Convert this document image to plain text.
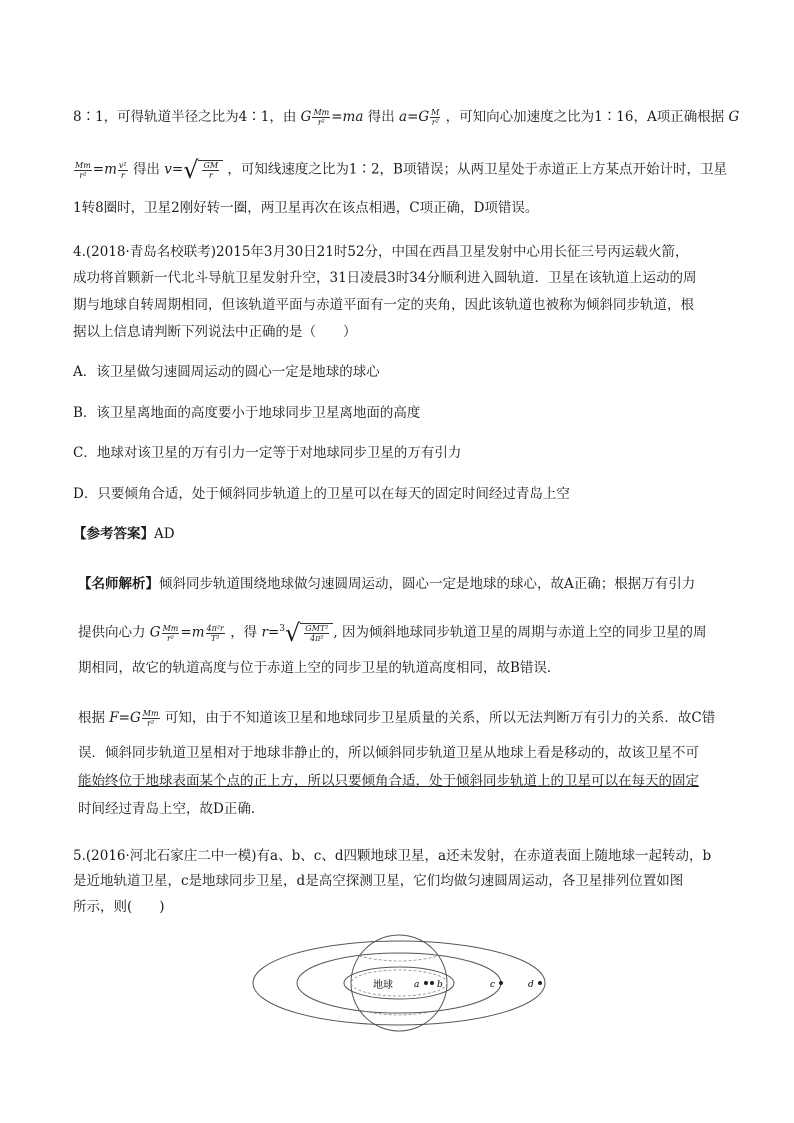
8∶1，可得轨道半径之比为4∶1，由 G $\frac{Mm}{\text{r²}} =ma$ 得出 $a=G \frac{M}{\text{r²}}$ ，可知向心加速度之比为1∶16，A项正确根据 G
$\frac{Mm}{\text{r²}} =m \frac{\text{v²}}{r}$ 得出 $v=√ \frac{GM}{r}$ ，可知线速度之比为1∶2，B项错误；从两卫星处于赤道正上方某点开始计时，卫星
1转8圈时，卫星2刚好转一圈，两卫星再次在该点相遇，C项正确，D项错误。
4.(2018·青岛名校联考)2015年3月30日21时52分，中国在西昌卫星发射中心用长征三号丙运载火箭，
成功将首颗新一代北斗导航卫星发射升空，31日凌晨3时34分顺利进入圆轨道．卫星在该轨道上运动的周
期与地球自转周期相同，但该轨道平面与赤道平面有一定的夹角，因此该轨道也被称为倾斜同步轨道，根
据以上信息请判断下列说法中正确的是（　　）
A．该卫星做匀速圆周运动的圆心一定是地球的球心
B．该卫星离地面的高度要小于地球同步卫星离地面的高度
C．地球对该卫星的万有引力一定等于对地球同步卫星的万有引力
D．只要倾角合适，处于倾斜同步轨道上的卫星可以在每天的固定时间经过青岛上空
【参考答案】AD
【名师解析】倾斜同步轨道围绕地球做匀速圆周运动，圆心一定是地球的球心，故A正确；根据万有引力
提供向心力 G $\frac{Mm}{\text{r²}} =m \frac{\text{4π²r}}{\text{T²}}$ ，得 $r=^3√ \frac{\text{GMT²}}{\text{4π²}}$ , 因为倾斜地球同步轨道卫星的周期与赤道上空的同步卫星的周
期相同，故它的轨道高度与位于赤道上空的同步卫星的轨道高度相同，故B错误．
根据 $F=G \frac{Mm}{\text{r²}}$ 可知，由于不知道该卫星和地球同步卫星质量的关系，所以无法判断万有引力的关系．故C错
误．倾斜同步轨道卫星相对于地球非静止的，所以倾斜同步轨道卫星从地球上看是移动的，故该卫星不可
能始终位于地球表面某个点的正上方，所以只要倾角合适，处于倾斜同步轨道上的卫星可以在每天的固定
时间经过青岛上空，故D正确．
5.(2016·河北石家庄二中一模)有a、b、c、d四颗地球卫星，a还未发射，在赤道表面上随地球一起转动，b
是近地轨道卫星，c是地球同步卫星，d是高空探测卫星，它们均做匀速圆周运动，各卫星排列位置如图
所示，则(　　)
地球 a b	c	d
